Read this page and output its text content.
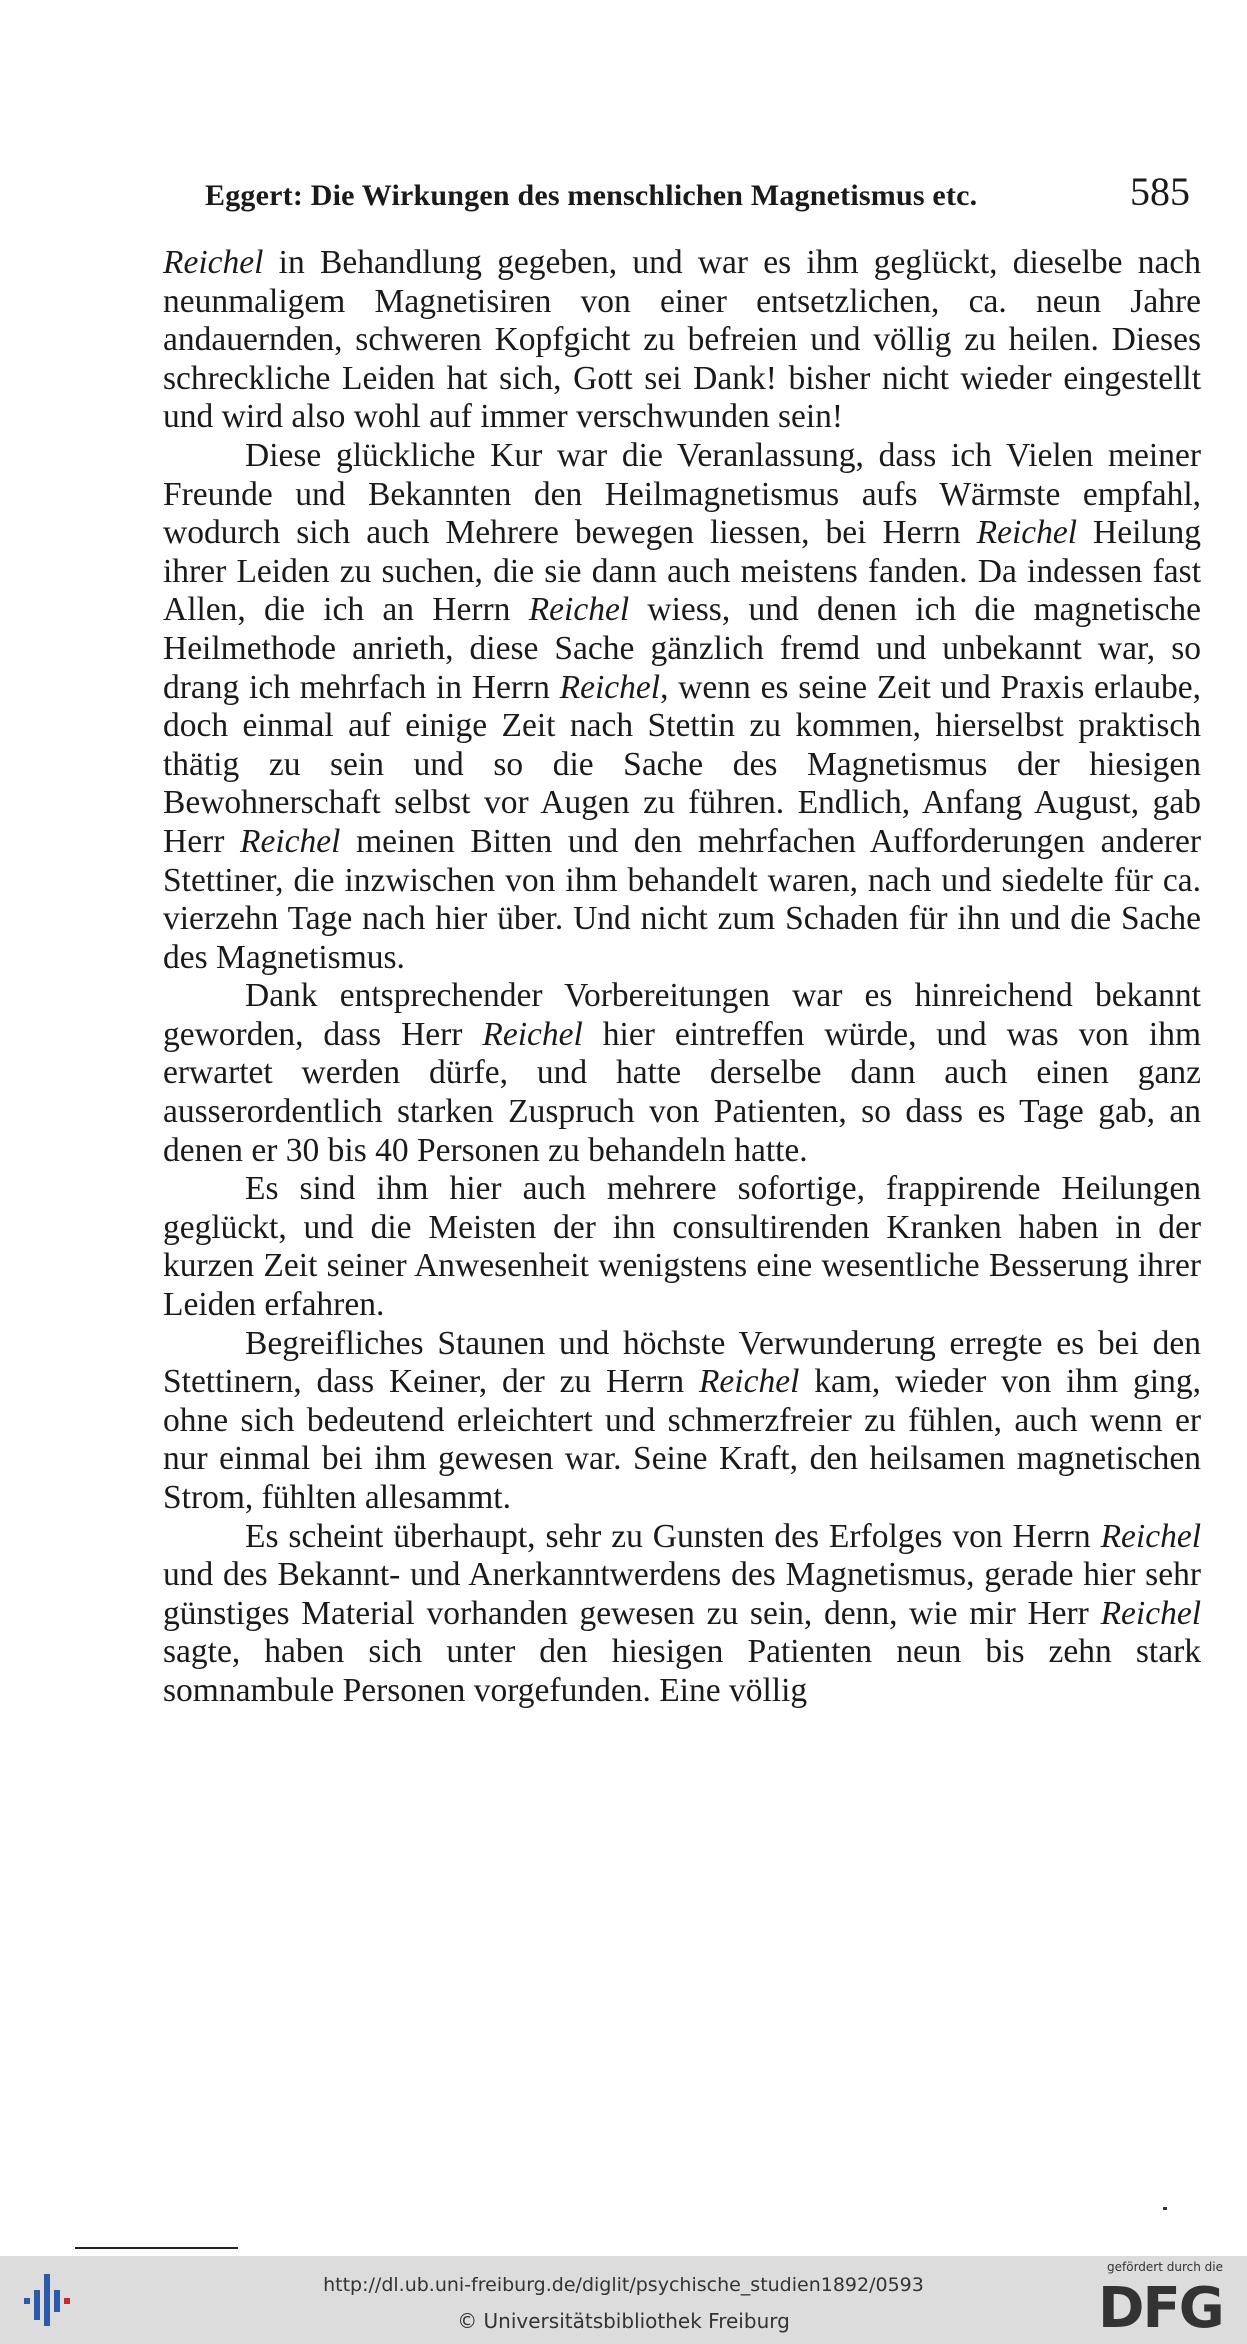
Eggert: Die Wirkungen des menschlichen Magnetismus etc.	585

Reichel in Behandlung gegeben, und war es ihm geglückt, dieselbe nach neunmaligem Magnetisiren von einer entsetzlichen, ca. neun Jahre andauernden, schweren Kopfgicht zu befreien und völlig zu heilen. Dieses schreckliche Leiden hat sich, Gott sei Dank! bisher nicht wieder eingestellt und wird also wohl auf immer verschwunden sein!

Diese glückliche Kur war die Veranlassung, dass ich Vielen meiner Freunde und Bekannten den Heilmagnetismus aufs Wärmste empfahl, wodurch sich auch Mehrere bewegen liessen, bei Herrn Reichel Heilung ihrer Leiden zu suchen, die sie dann auch meistens fanden. Da indessen fast Allen, die ich an Herrn Reichel wiess, und denen ich die magnetische Heilmethode anrieth, diese Sache gänzlich fremd und unbekannt war, so drang ich mehrfach in Herrn Reichel, wenn es seine Zeit und Praxis erlaube, doch einmal auf einige Zeit nach Stettin zu kommen, hierselbst praktisch thätig zu sein und so die Sache des Magnetismus der hiesigen Bewohnerschaft selbst vor Augen zu führen. Endlich, Anfang August, gab Herr Reichel meinen Bitten und den mehrfachen Aufforderungen anderer Stettiner, die inzwischen von ihm behandelt waren, nach und siedelte für ca. vierzehn Tage nach hier über. Und nicht zum Schaden für ihn und die Sache des Magnetismus.

Dank entsprechender Vorbereitungen war es hinreichend bekannt geworden, dass Herr Reichel hier eintreffen würde, und was von ihm erwartet werden dürfe, und hatte derselbe dann auch einen ganz ausserordentlich starken Zuspruch von Patienten, so dass es Tage gab, an denen er 30 bis 40 Personen zu behandeln hatte.

Es sind ihm hier auch mehrere sofortige, frappirende Heilungen geglückt, und die Meisten der ihn consultirenden Kranken haben in der kurzen Zeit seiner Anwesenheit wenigstens eine wesentliche Besserung ihrer Leiden erfahren.

Begreifliches Staunen und höchste Verwunderung erregte es bei den Stettinern, dass Keiner, der zu Herrn Reichel kam, wieder von ihm ging, ohne sich bedeutend erleichtert und schmerzfreier zu fühlen, auch wenn er nur einmal bei ihm gewesen war. Seine Kraft, den heilsamen magnetischen Strom, fühlten allesammt.

Es scheint überhaupt, sehr zu Gunsten des Erfolges von Herrn Reichel und des Bekannt- und Anerkanntwerdens des Magnetismus, gerade hier sehr günstiges Material vorhanden gewesen zu sein, denn, wie mir Herr Reichel sagte, haben sich unter den hiesigen Patienten neun bis zehn stark somnambule Personen vorgefunden. Eine völlig

http://dl.ub.uni-freiburg.de/diglit/psychische_studien1892/0593
© Universitätsbibliothek Freiburg
gefördert durch die
DFG
